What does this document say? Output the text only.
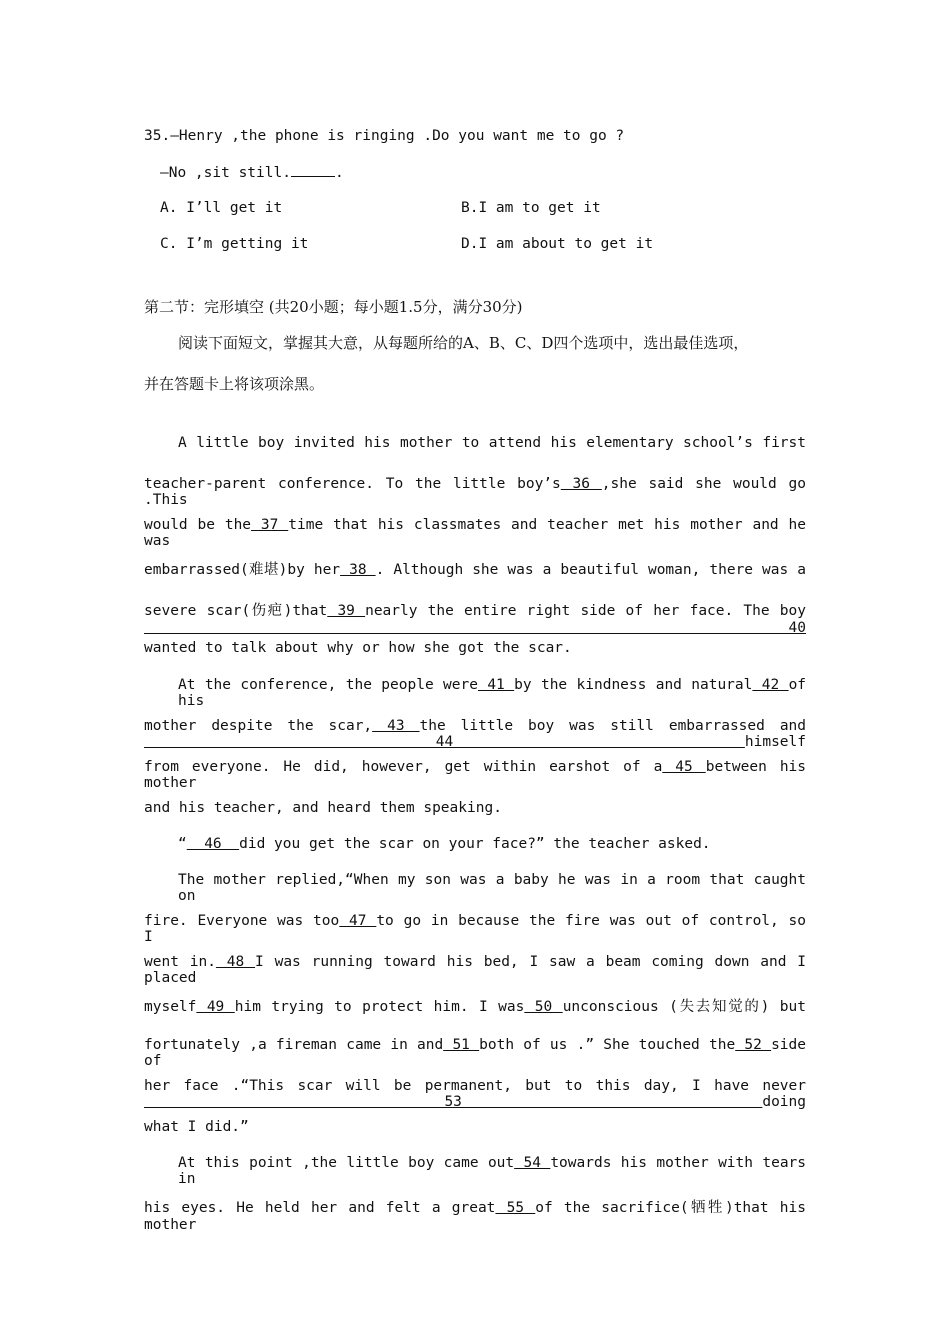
35.—Henry ,the phone is ringing .Do you want me to go ?
—No ,sit still.	.
A. I’ll get it	B.I am to get it
C. I’m getting it	D.I am about to get it
第二节：完形填空 (共20小题；每小题1.5分，满分30分)
阅读下面短文，掌握其大意，从每题所给的A、B、C、D四个选项中，选出最佳选项，
并在答题卡上将该项涂黑。
A little boy invited his mother to attend his elementary school’s first
teacher-parent conference. To the little boy’s 36 ,she said she would go .This
would be the 37 time that his classmates and teacher met his mother and he was
embarrassed(难堪)by her 38 . Although she was a beautiful woman, there was a
severe scar(伤疤)that 39 nearly the entire right side of her face. The boy 40
wanted to talk about why or how she got the scar.
At the conference, the people were 41 by the kindness and natural 42 of his
mother despite the scar, 43 the little boy was still embarrassed and 44 himself
from everyone. He did, however, get within earshot of a 45 between his mother
and his teacher, and heard them speaking.
“  46  did you get the scar on your face?” the teacher asked.
The mother replied,“When my son was a baby he was in a room that caught on
fire. Everyone was too 47 to go in because the fire was out of control, so I
went in. 48 I was running toward his bed, I saw a beam coming down and I placed
myself 49 him trying to protect him. I was 50 unconscious (失去知觉的) but
fortunately ,a fireman came in and 51 both of us .” She touched the 52 side of
her face .“This scar will be permanent, but to this day, I have never 53 doing
what I did.”
At this point ,the little boy came out 54 towards his mother with tears in
his eyes. He held her and felt a great 55 of the sacrifice(牺牲)that his mother
